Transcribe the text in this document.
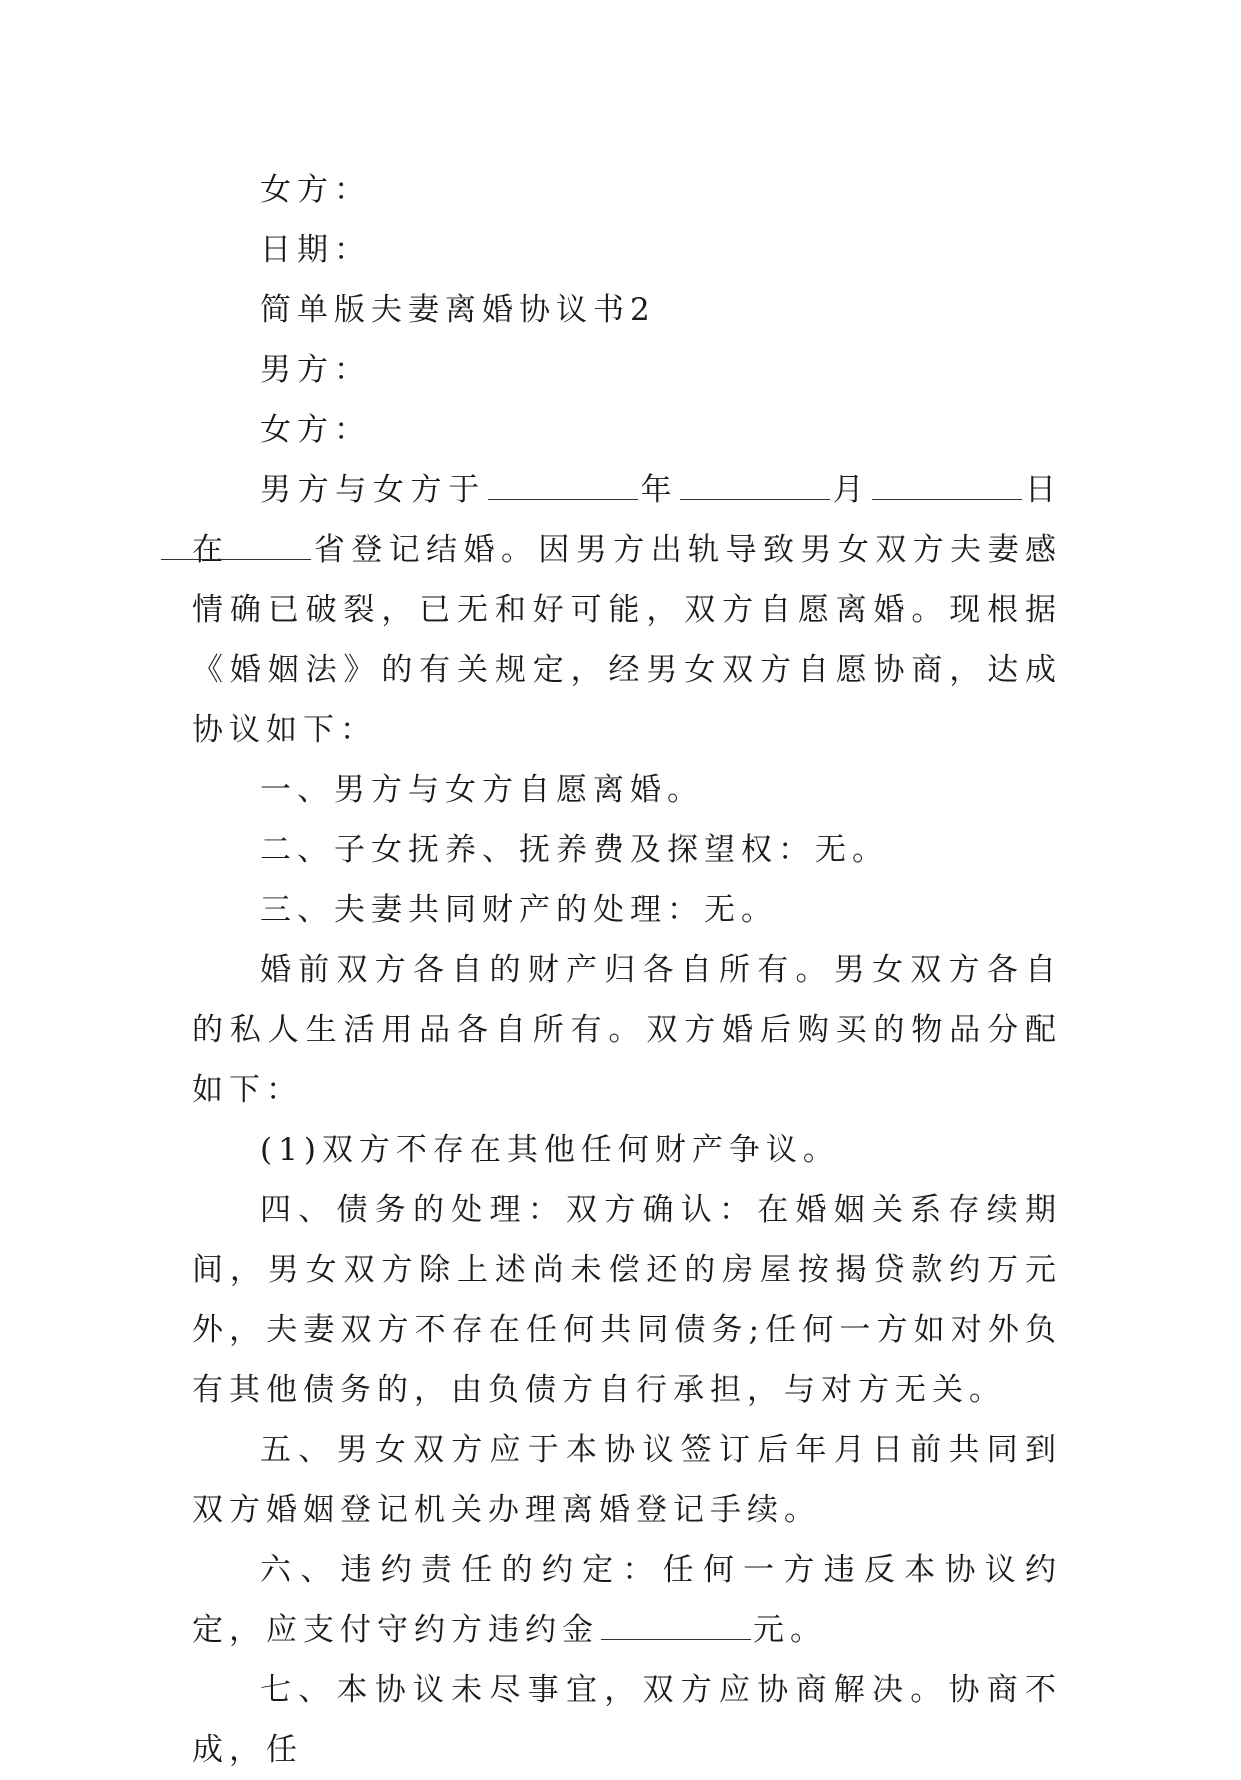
女方：

日期：

简单版夫妻离婚协议书2

男方：

女方：

男方与女方于	年	月	日在	省登记结婚。因男方出轨导致男女双方夫妻感情确已破裂，已无和好可能，双方自愿离婚。现根据《婚姻法》的有关规定，经男女双方自愿协商，达成协议如下：

一、男方与女方自愿离婚。

二、子女抚养、抚养费及探望权：无。

三、夫妻共同财产的处理：无。

婚前双方各自的财产归各自所有。男女双方各自的私人生活用品各自所有。双方婚后购买的物品分配如下：

(1)双方不存在其他任何财产争议。

四、债务的处理：双方确认：在婚姻关系存续期间，男女双方除上述尚未偿还的房屋按揭贷款约万元外，夫妻双方不存在任何共同债务;任何一方如对外负有其他债务的，由负债方自行承担，与对方无关。

五、男女双方应于本协议签订后年月日前共同到双方婚姻登记机关办理离婚登记手续。

六、违约责任的约定：任何一方违反本协议约定，应支付守约方违约金	元。

七、本协议未尽事宜，双方应协商解决。协商不成，任
